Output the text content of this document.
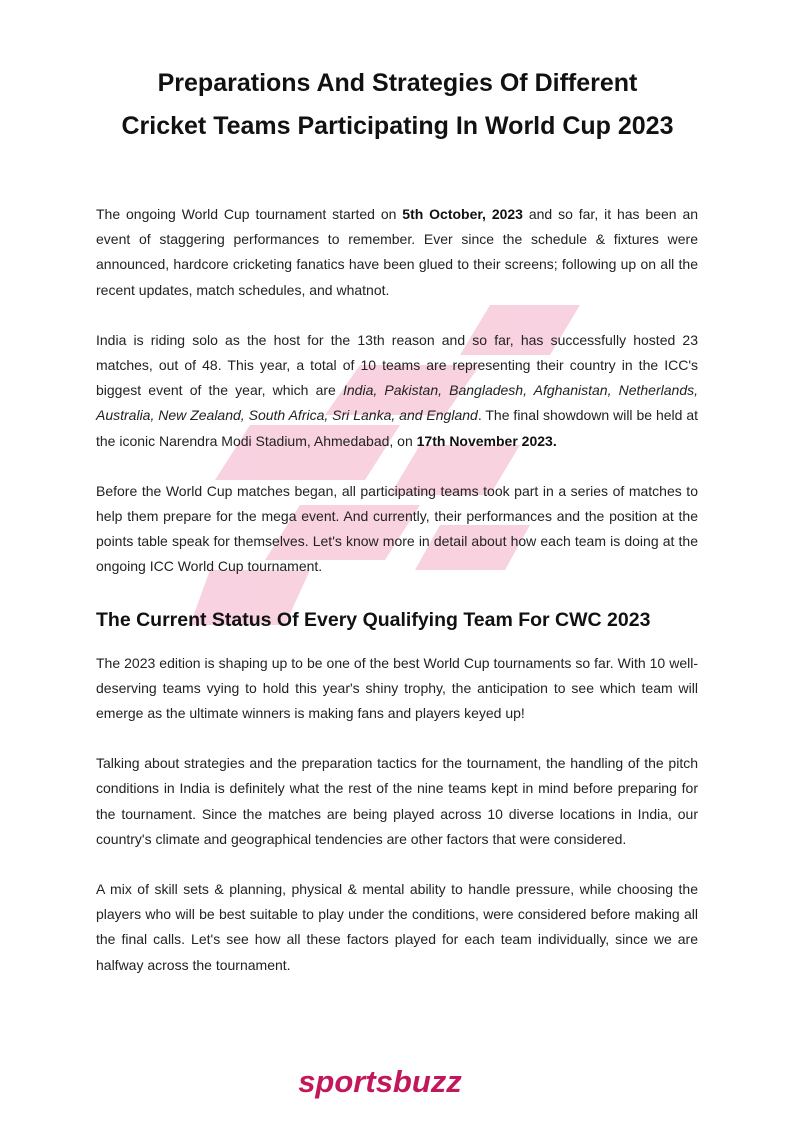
Preparations And Strategies Of Different
Cricket Teams Participating In World Cup 2023

The ongoing World Cup tournament started on 5th October, 2023 and so far, it has been an event of staggering performances to remember. Ever since the schedule & fixtures were announced, hardcore cricketing fanatics have been glued to their screens; following up on all the recent updates, match schedules, and whatnot.

India is riding solo as the host for the 13th reason and so far, has successfully hosted 23 matches, out of 48. This year, a total of 10 teams are representing their country in the ICC's biggest event of the year, which are India, Pakistan, Bangladesh, Afghanistan, Netherlands, Australia, New Zealand, South Africa, Sri Lanka, and England. The final showdown will be held at the iconic Narendra Modi Stadium, Ahmedabad, on 17th November 2023.

Before the World Cup matches began, all participating teams took part in a series of matches to help them prepare for the mega event. And currently, their performances and the position at the points table speak for themselves. Let's know more in detail about how each team is doing at the ongoing ICC World Cup tournament.

The Current Status Of Every Qualifying Team For CWC 2023

The 2023 edition is shaping up to be one of the best World Cup tournaments so far. With 10 well-deserving teams vying to hold this year's shiny trophy, the anticipation to see which team will emerge as the ultimate winners is making fans and players keyed up!

Talking about strategies and the preparation tactics for the tournament, the handling of the pitch conditions in India is definitely what the rest of the nine teams kept in mind before preparing for the tournament. Since the matches are being played across 10 diverse locations in India, our country's climate and geographical tendencies are other factors that were considered.

A mix of skill sets & planning, physical & mental ability to handle pressure, while choosing the players who will be best suitable to play under the conditions, were considered before making all the final calls. Let's see how all these factors played for each team individually, since we are halfway across the tournament.

sportsbuzz
